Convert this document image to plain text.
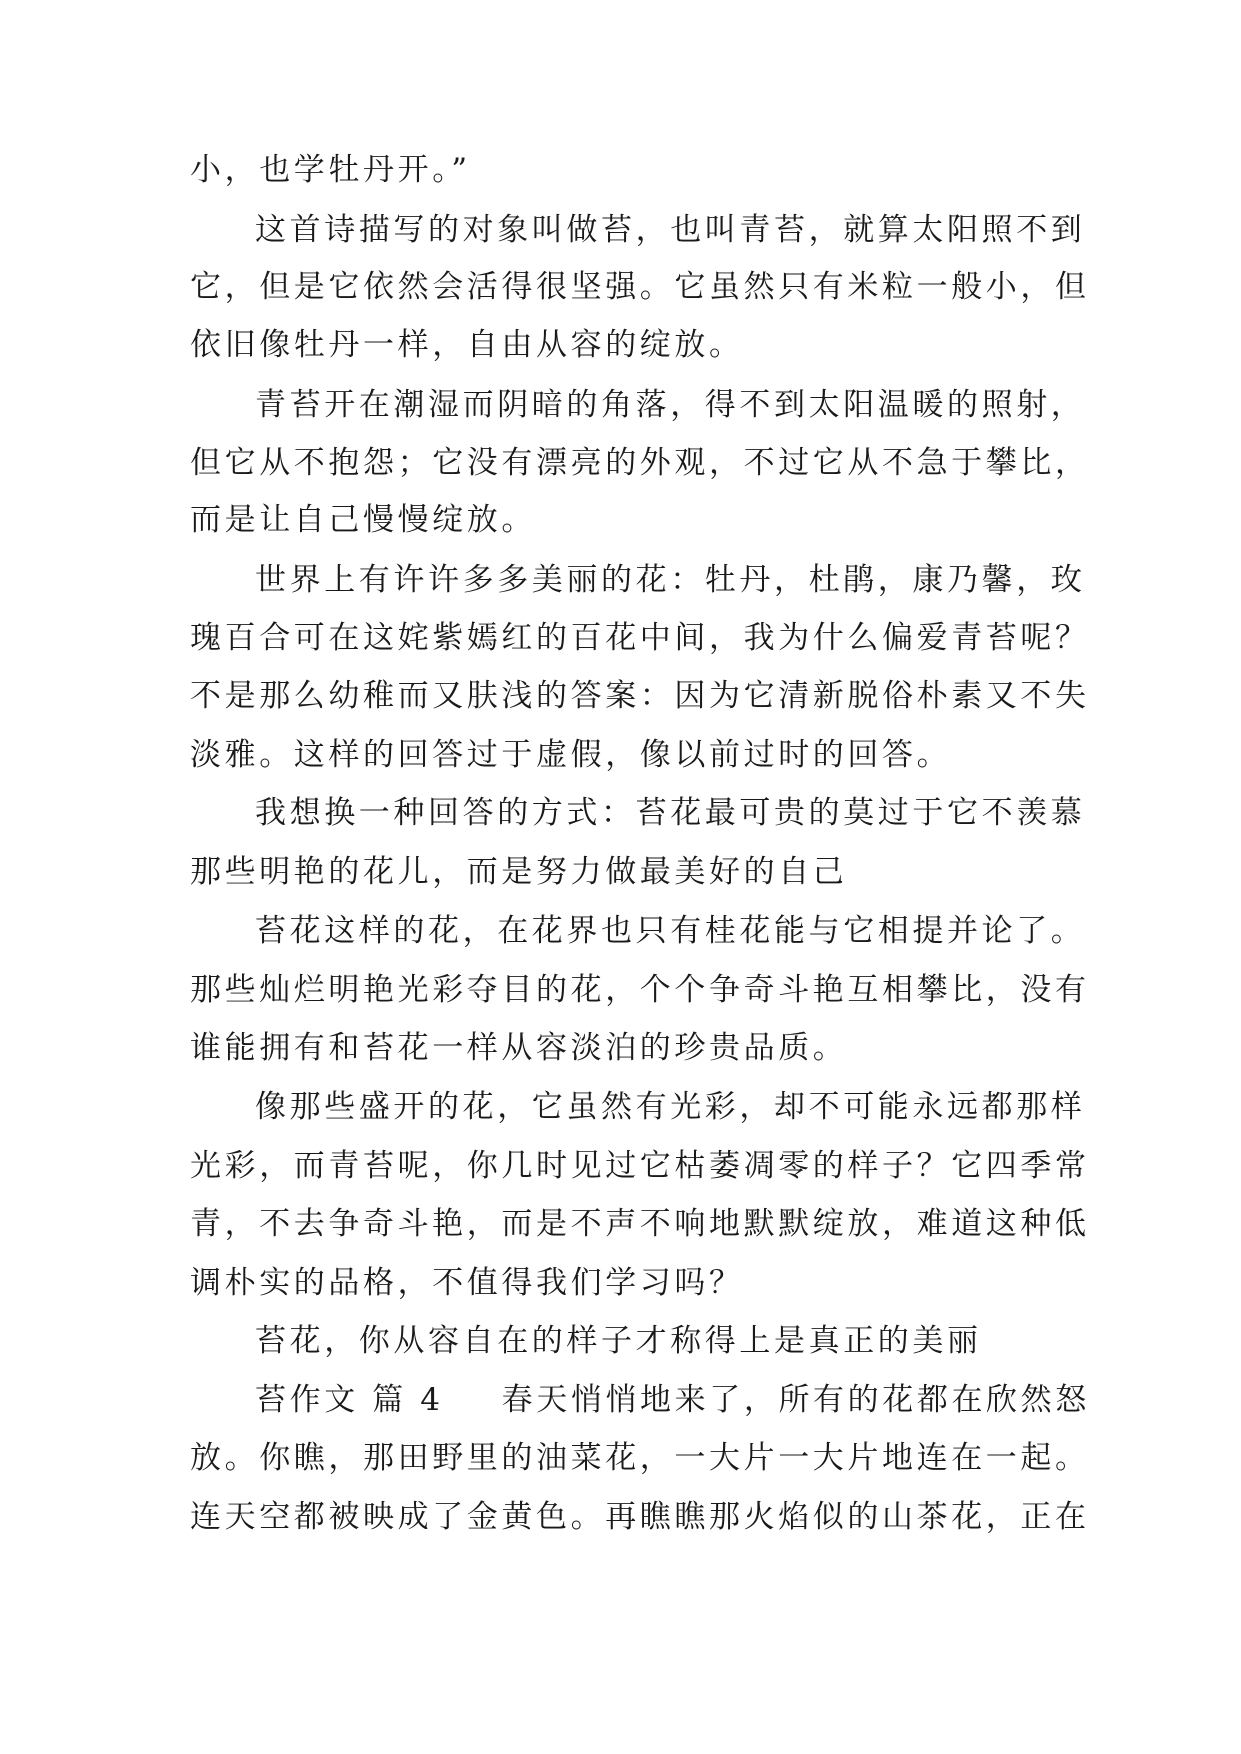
小，也学牡丹开。”
这首诗描写的对象叫做苔，也叫青苔，就算太阳照不到
它，但是它依然会活得很坚强。它虽然只有米粒一般小，但
依旧像牡丹一样，自由从容的绽放。
青苔开在潮湿而阴暗的角落，得不到太阳温暖的照射，
但它从不抱怨；它没有漂亮的外观，不过它从不急于攀比，
而是让自己慢慢绽放。
世界上有许许多多美丽的花：牡丹，杜鹃，康乃馨，玫
瑰百合可在这姹紫嫣红的百花中间，我为什么偏爱青苔呢？
不是那么幼稚而又肤浅的答案：因为它清新脱俗朴素又不失
淡雅。这样的回答过于虚假，像以前过时的回答。
我想换一种回答的方式：苔花最可贵的莫过于它不羡慕
那些明艳的花儿，而是努力做最美好的自己
苔花这样的花，在花界也只有桂花能与它相提并论了。
那些灿烂明艳光彩夺目的花，个个争奇斗艳互相攀比，没有
谁能拥有和苔花一样从容淡泊的珍贵品质。
像那些盛开的花，它虽然有光彩，却不可能永远都那样
光彩，而青苔呢，你几时见过它枯萎凋零的样子？它四季常
青，不去争奇斗艳，而是不声不响地默默绽放，难道这种低
调朴实的品格，不值得我们学习吗？
苔花，你从容自在的样子才称得上是真正的美丽
苔作文 篇 4 春天悄悄地来了，所有的花都在欣然怒
放。你瞧，那田野里的油菜花，一大片一大片地连在一起。
连天空都被映成了金黄色。再瞧瞧那火焰似的山茶花，正在
